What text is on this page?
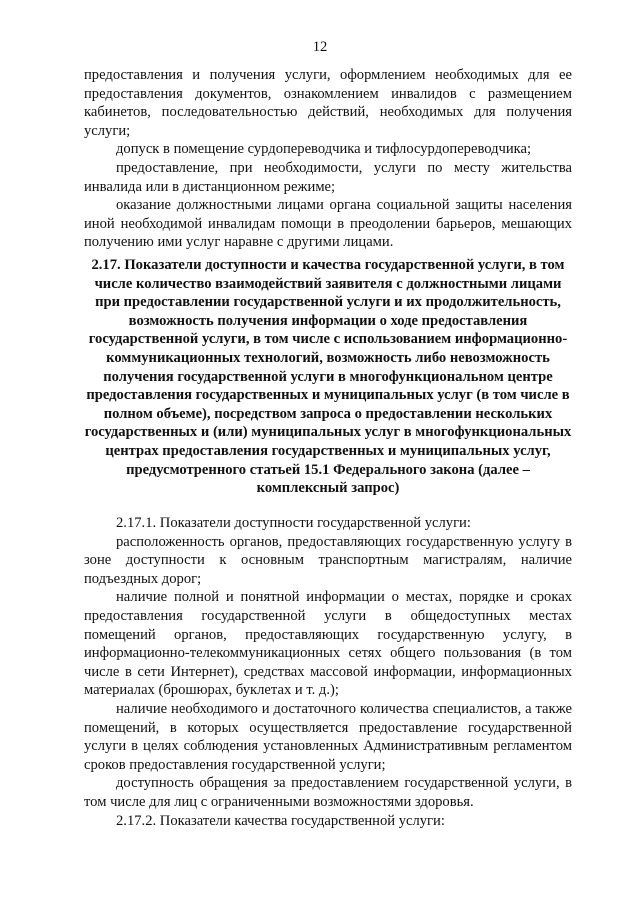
12

предоставления и получения услуги, оформлением необходимых для ее предоставления документов, ознакомлением инвалидов с размещением кабинетов, последовательностью действий, необходимых для получения услуги;

допуск в помещение сурдопереводчика и тифлосурдопереводчика;

предоставление, при необходимости, услуги по месту жительства инвалида или в дистанционном режиме;

оказание должностными лицами органа социальной защиты населения иной необходимой инвалидам помощи в преодолении барьеров, мешающих получению ими услуг наравне с другими лицами.

2.17. Показатели доступности и качества государственной услуги, в том числе количество взаимодействий заявителя с должностными лицами при предоставлении государственной услуги и их продолжительность, возможность получения информации о ходе предоставления государственной услуги, в том числе с использованием информационно-коммуникационных технологий, возможность либо невозможность получения государственной услуги в многофункциональном центре предоставления государственных и муниципальных услуг (в том числе в полном объеме), посредством запроса о предоставлении нескольких государственных и (или) муниципальных услуг в многофункциональных центрах предоставления государственных и муниципальных услуг, предусмотренного статьей 15.1 Федерального закона (далее – комплексный запрос)

2.17.1. Показатели доступности государственной услуги:

расположенность органов, предоставляющих государственную услугу в зоне доступности к основным транспортным магистралям, наличие подъездных дорог;

наличие полной и понятной информации о местах, порядке и сроках предоставления государственной услуги в общедоступных местах помещений органов, предоставляющих государственную услугу, в информационно-телекоммуникационных сетях общего пользования (в том числе в сети Интернет), средствах массовой информации, информационных материалах (брошюрах, буклетах и т. д.);

наличие необходимого и достаточного количества специалистов, а также помещений, в которых осуществляется предоставление государственной услуги в целях соблюдения установленных Административным регламентом сроков предоставления государственной услуги;

доступность обращения за предоставлением государственной услуги, в том числе для лиц с ограниченными возможностями здоровья.

2.17.2. Показатели качества государственной услуги:
